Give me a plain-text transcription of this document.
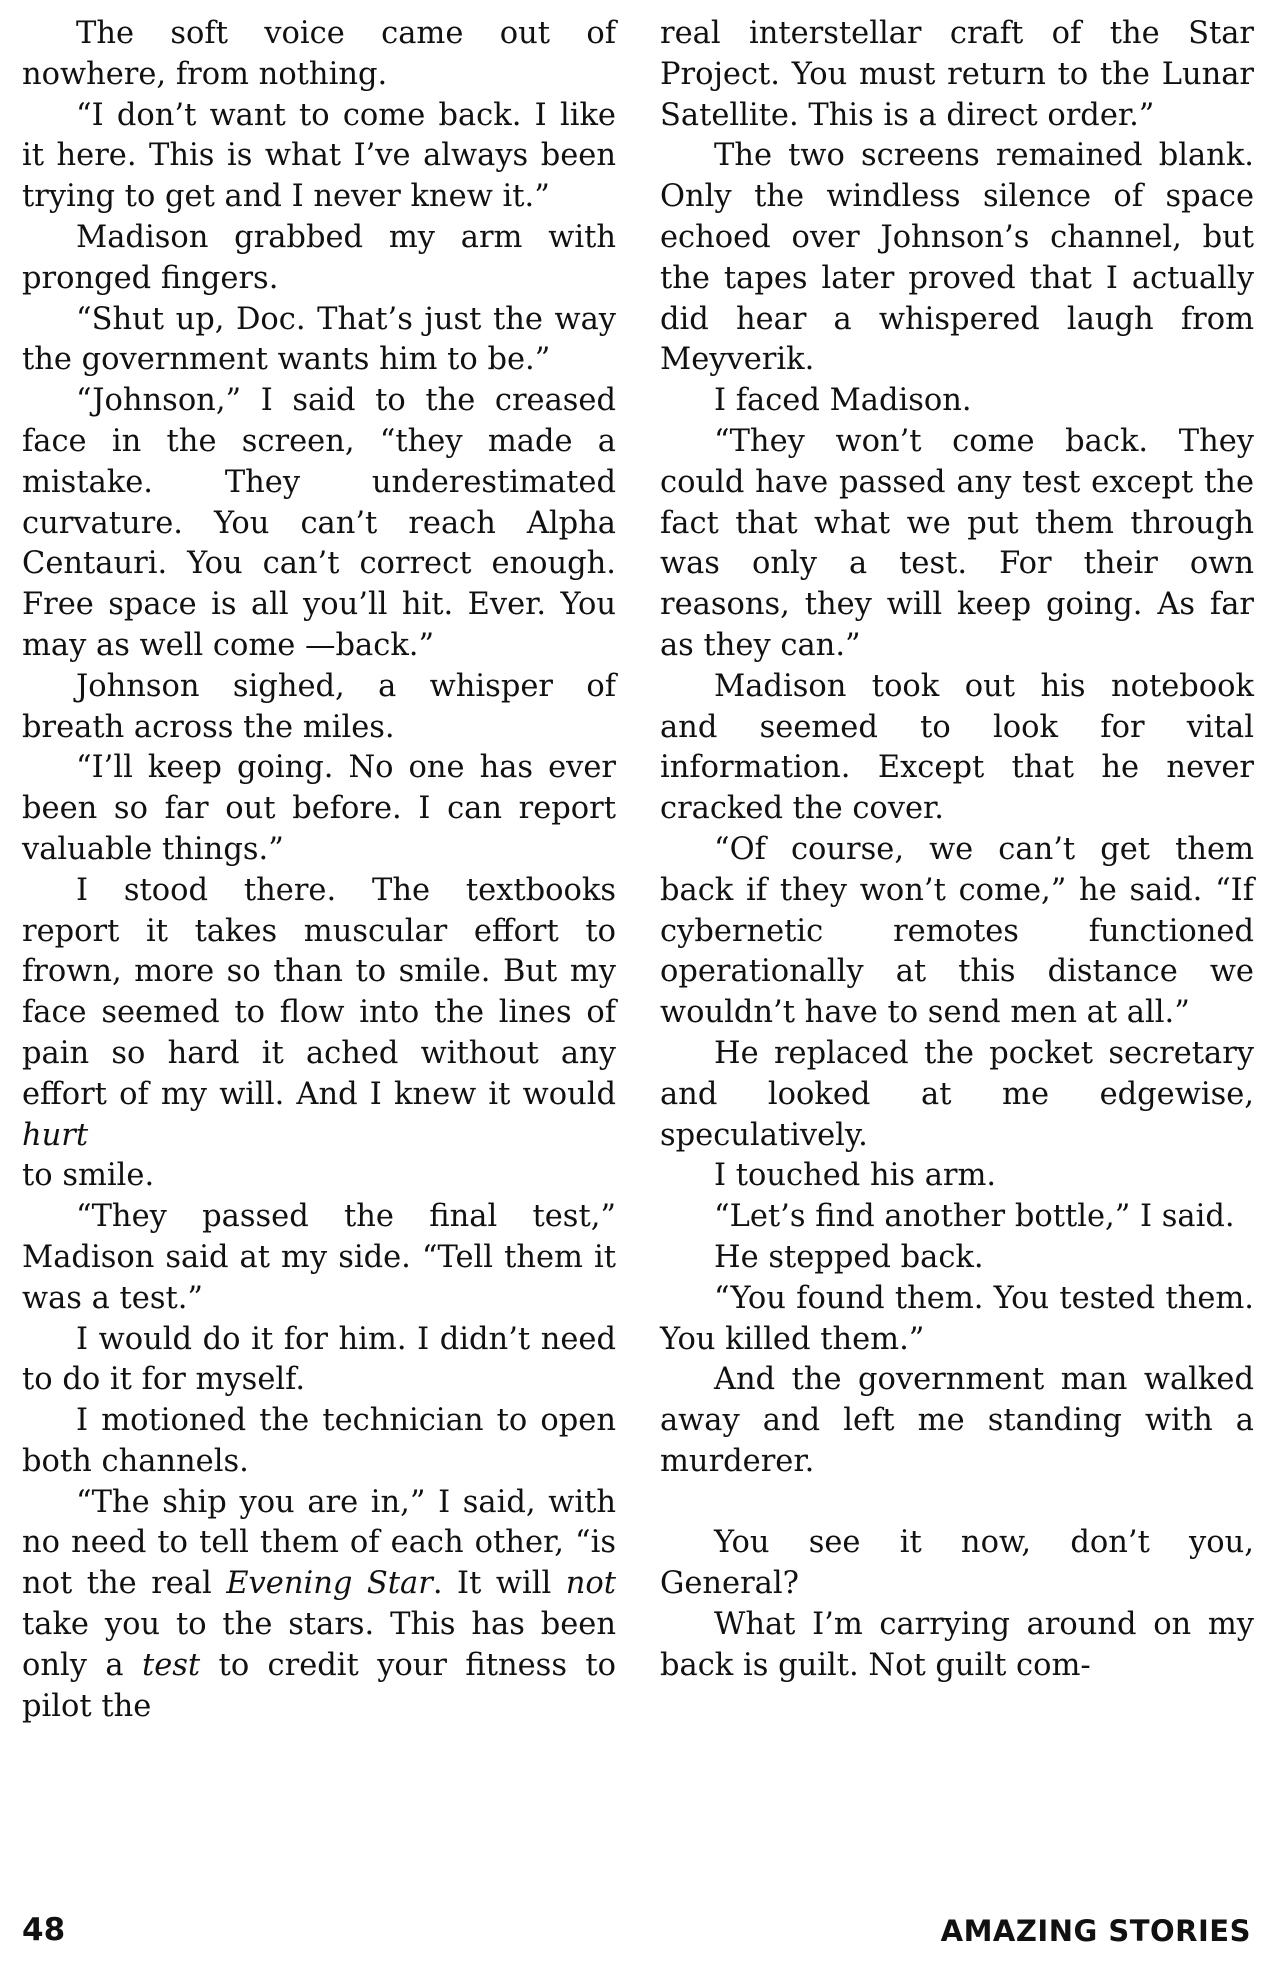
The soft voice came out of nowhere, from nothing.

“I don’t want to come back. I like it here. This is what I’ve always been trying to get and I never knew it.”

Madison grabbed my arm with pronged fingers.

“Shut up, Doc. That’s just the way the government wants him to be.”

“Johnson,” I said to the creased face in the screen, “they made a mistake. They underestimated curvature. You can’t reach Alpha Centauri. You can’t correct enough. Free space is all you’ll hit. Ever. You may as well come —back.”

Johnson sighed, a whisper of breath across the miles.

“I’ll keep going. No one has ever been so far out before. I can report valuable things.”

I stood there. The textbooks report it takes muscular effort to frown, more so than to smile. But my face seemed to flow into the lines of pain so hard it ached without any effort of my will. And I knew it would hurt

to smile.

“They passed the final test,” Madison said at my side. “Tell them it was a test.”

I would do it for him. I didn’t need to do it for myself.

I motioned the technician to open both channels.

“The ship you are in,” I said, with no need to tell them of each other, “is not the real Evening Star. It will not take you to the stars. This has been only a test to credit your fitness to pilot the

real interstellar craft of the Star Project. You must return to the Lunar Satellite. This is a direct order.”

The two screens remained blank. Only the windless silence of space echoed over Johnson’s channel, but the tapes later proved that I actually did hear a whispered laugh from Meyverik.

I faced Madison.

“They won’t come back. They could have passed any test except the fact that what we put them through was only a test. For their own reasons, they will keep going. As far as they can.”

Madison took out his notebook and seemed to look for vital information. Except that he never cracked the cover.

“Of course, we can’t get them back if they won’t come,” he said. “If cybernetic remotes functioned operationally at this distance we wouldn’t have to send men at all.”

He replaced the pocket secretary and looked at me edgewise, speculatively.

I touched his arm.

“Let’s find another bottle,” I said.

He stepped back.

“You found them. You tested them. You killed them.”

And the government man walked away and left me standing with a murderer.

You see it now, don’t you, General?

What I’m carrying around on my back is guilt. Not guilt com-

48	AMAZING STORIES
